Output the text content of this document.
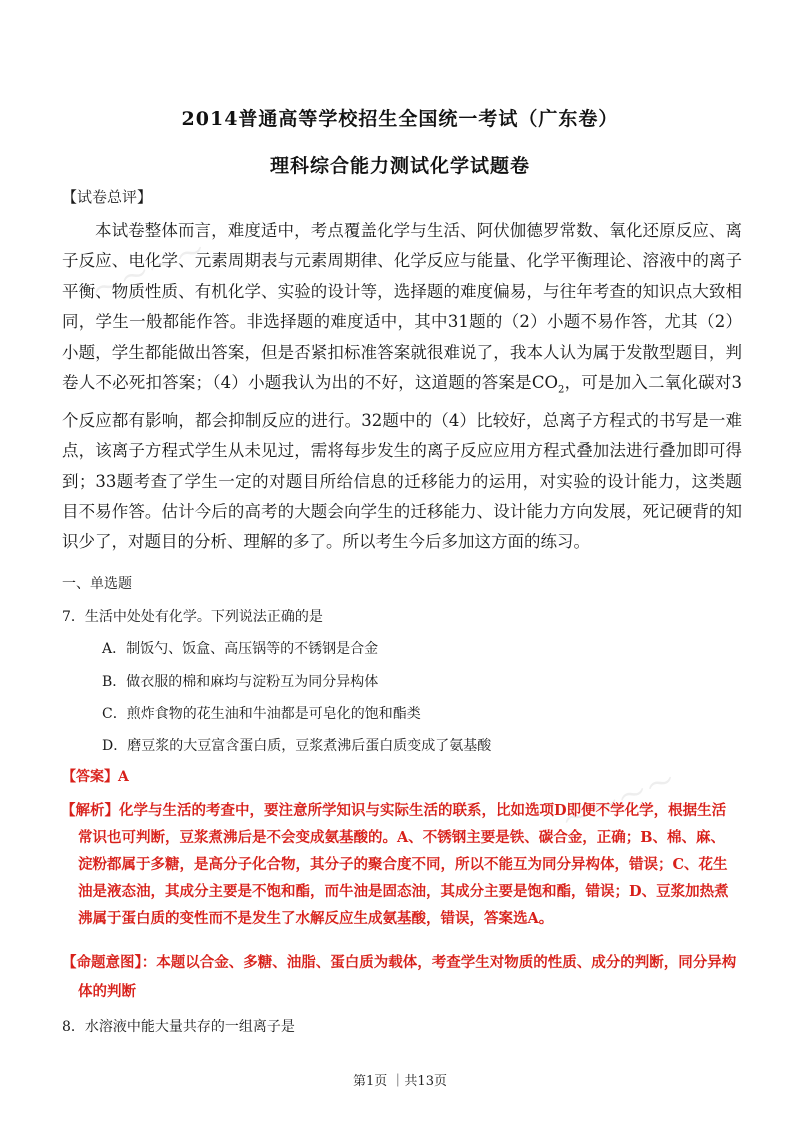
～～～～
～～～～
2014普通高等学校招生全国统一考试（广东卷）
理科综合能力测试化学试题卷
【试卷总评】
本试卷整体而言，难度适中，考点覆盖化学与生活、阿伏伽德罗常数、氧化还原反应、离子反应、电化学、元素周期表与元素周期律、化学反应与能量、化学平衡理论、溶液中的离子平衡、物质性质、有机化学、实验的设计等，选择题的难度偏易，与往年考查的知识点大致相同，学生一般都能作答。非选择题的难度适中，其中31题的（2）小题不易作答，尤其（2）小题，学生都能做出答案，但是否紧扣标准答案就很难说了，我本人认为属于发散型题目，判卷人不必死扣答案；（4）小题我认为出的不好，这道题的答案是$CO_2$，可是加入二氧化碳对3个反应都有影响，都会抑制反应的进行。32题中的（4）比较好，总离子方程式的书写是一难点，该离子方程式学生从未见过，需将每步发生的离子反应应用方程式叠加法进行叠加即可得到；33题考查了学生一定的对题目所给信息的迁移能力的运用，对实验的设计能力，这类题目不易作答。估计今后的高考的大题会向学生的迁移能力、设计能力方向发展，死记硬背的知识少了，对题目的分析、理解的多了。所以考生今后多加这方面的练习。
一、单选题
7．生活中处处有化学。下列说法正确的是
A．制饭勺、饭盒、高压锅等的不锈钢是合金
B．做衣服的棉和麻均与淀粉互为同分异构体
C．煎炸食物的花生油和牛油都是可皂化的饱和酯类
D．磨豆浆的大豆富含蛋白质，豆浆煮沸后蛋白质变成了氨基酸
【答案】A
【解析】化学与生活的考查中，要注意所学知识与实际生活的联系，比如选项D即便不学化学，根据生活常识也可判断，豆浆煮沸后是不会变成氨基酸的。A、不锈钢主要是铁、碳合金，正确；B、棉、麻、淀粉都属于多糖，是高分子化合物，其分子的聚合度不同，所以不能互为同分异构体，错误；C、花生油是液态油，其成分主要是不饱和酯，而牛油是固态油，其成分主要是饱和酯，错误；D、豆浆加热煮沸属于蛋白质的变性而不是发生了水解反应生成氨基酸，错误，答案选A。
【命题意图】：本题以合金、多糖、油脂、蛋白质为载体，考查学生对物质的性质、成分的判断，同分异构体的判断
8．水溶液中能大量共存的一组离子是
第1页 ｜共13页
